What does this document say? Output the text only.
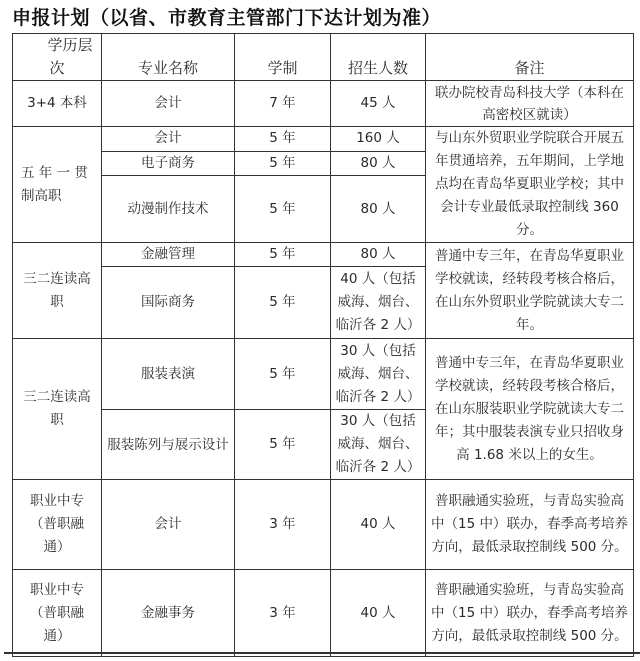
申报计划（以省、市教育主管部门下达计划为准）
学历层
次	专业名称	学制	招生人数	备注
3+4 本科	会计	7 年	45 人	联办院校青岛科技大学（本科在高密校区就读）
五 年 一 贯制高职	会计	5 年	160 人	与山东外贸职业学院联合开展五年贯通培养，五年期间，上学地点均在青岛华夏职业学校；其中会计专业最低录取控制线 360 分。
	电子商务	5 年	80 人	
	动漫制作技术	5 年	80 人	
三二连读高职	金融管理	5 年	80 人	普通中专三年，在青岛华夏职业学校就读，经转段考核合格后，在山东外贸职业学院就读大专二年。
	国际商务	5 年	40 人（包括威海、烟台、临沂各 2 人）	
三二连读高职	服装表演	5 年	30 人（包括威海、烟台、临沂各 2 人）	普通中专三年，在青岛华夏职业学校就读，经转段考核合格后，在山东服装职业学院就读大专二年；其中服装表演专业只招收身高 1.68 米以上的女生。
	服装陈列与展示设计	5 年	30 人（包括威海、烟台、临沂各 2 人）	
职业中专（普职融通）	会计	3 年	40 人	普职融通实验班，与青岛实验高中（15 中）联办，春季高考培养方向，最低录取控制线 500 分。
职业中专（普职融通）	金融事务	3 年	40 人	普职融通实验班，与青岛实验高中（15 中）联办，春季高考培养方向，最低录取控制线 500 分。
